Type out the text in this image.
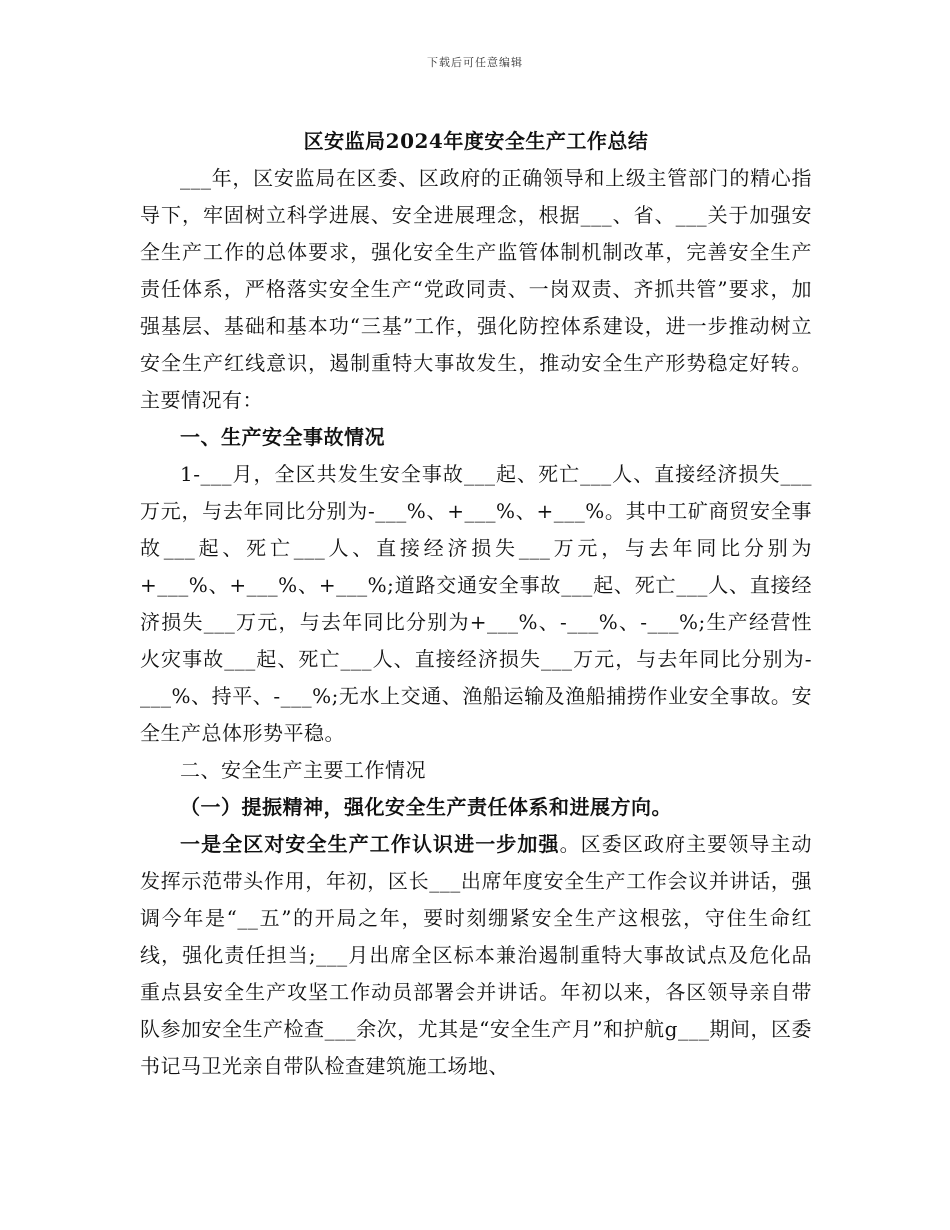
下载后可任意编辑
区安监局2024年度安全生产工作总结

___年，区安监局在区委、区政府的正确领导和上级主管部门的精心指导下，牢固树立科学进展、安全进展理念，根据___、省、___关于加强安全生产工作的总体要求，强化安全生产监管体制机制改革，完善安全生产责任体系，严格落实安全生产“党政同责、一岗双责、齐抓共管”要求，加强基层、基础和基本功“三基”工作，强化防控体系建设，进一步推动树立安全生产红线意识，遏制重特大事故发生，推动安全生产形势稳定好转。主要情况有：

一、生产安全事故情况

1-___月，全区共发生安全事故___起、死亡___人、直接经济损失___万元，与去年同比分别为-___%、+___%、+___%。其中工矿商贸安全事故___起、死亡___人、直接经济损失___万元，与去年同比分别为+___%、+___%、+___%;道路交通安全事故___起、死亡___人、直接经济损失___万元，与去年同比分别为+___%、-___%、-___%;生产经营性火灾事故___起、死亡___人、直接经济损失___万元，与去年同比分别为-___%、持平、-___%;无水上交通、渔船运输及渔船捕捞作业安全事故。安全生产总体形势平稳。

二、安全生产主要工作情况

（一）提振精神，强化安全生产责任体系和进展方向。

一是全区对安全生产工作认识进一步加强。区委区政府主要领导主动发挥示范带头作用，年初，区长___出席年度安全生产工作会议并讲话，强调今年是“__五”的开局之年，要时刻绷紧安全生产这根弦，守住生命红线，强化责任担当;___月出席全区标本兼治遏制重特大事故试点及危化品重点县安全生产攻坚工作动员部署会并讲话。年初以来，各区领导亲自带队参加安全生产检查___余次，尤其是“安全生产月”和护航g___期间，区委书记马卫光亲自带队检查建筑施工场地、
